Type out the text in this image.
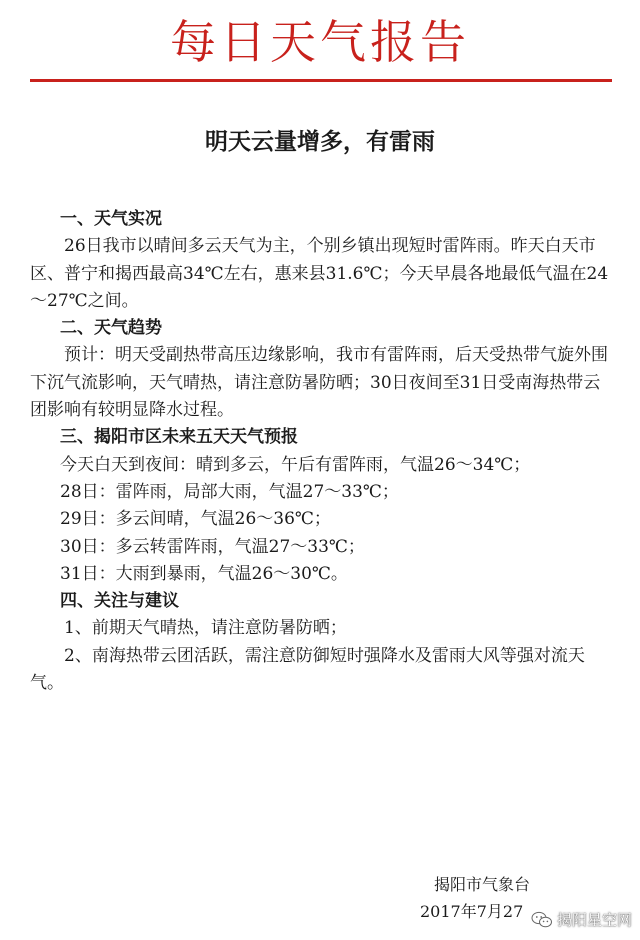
每日天气报告
明天云量增多，有雷雨
一、天气实况
26日我市以晴间多云天气为主，个别乡镇出现短时雷阵雨。昨天白天市区、普宁和揭西最高34℃左右，惠来县31.6℃；今天早晨各地最低气温在24～27℃之间。
二、天气趋势
预计：明天受副热带高压边缘影响，我市有雷阵雨，后天受热带气旋外围下沉气流影响，天气晴热，请注意防暑防晒；30日夜间至31日受南海热带云团影响有较明显降水过程。
三、揭阳市区未来五天天气预报
今天白天到夜间：晴到多云，午后有雷阵雨，气温26～34℃；
28日：雷阵雨，局部大雨，气温27～33℃；
29日：多云间晴，气温26～36℃；
30日：多云转雷阵雨，气温27～33℃；
31日：大雨到暴雨，气温26～30℃。
四、关注与建议
1、前期天气晴热，请注意防暑防晒；
2、南海热带云团活跃，需注意防御短时强降水及雷雨大风等强对流天气。
揭阳市气象台
2017年7月27	揭阳星空网
